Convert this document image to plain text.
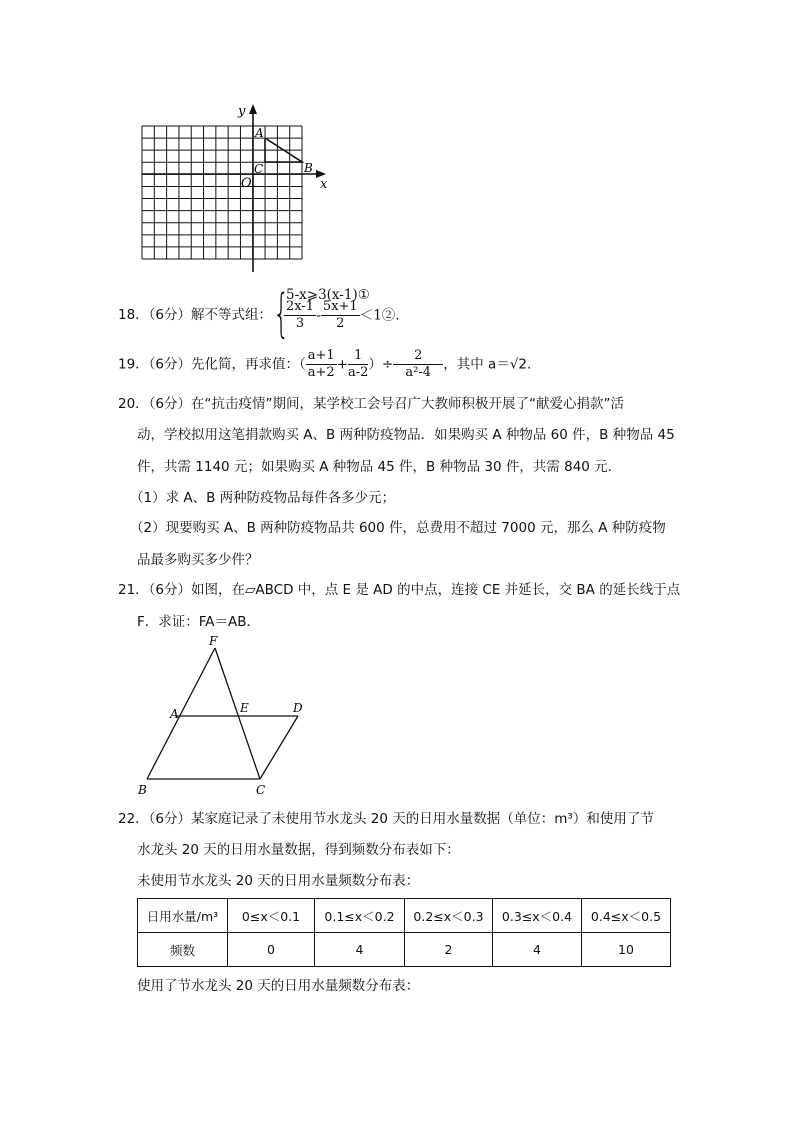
y
x
O
A
B
C
18．（6分）解不等式组： {
5-x⩾3(x-1)①
$\frac{2x-1}{3} - \frac{5x+1}{2}$ ＜1②.
19．（6分）先化简，再求值：（ $\frac{a+1}{a+2} + \frac{1}{a-2}$ ）÷ $\frac{2}{\text{a²-4}}$ ，其中 a＝√2.
20．（6分）在“抗击疫情”期间，某学校工会号召广大教师积极开展了“献爱心捐款”活
动，学校拟用这笔捐款购买 A、B 两种防疫物品．如果购买 A 种物品 60 件，B 种物品 45
件，共需 1140 元；如果购买 A 种物品 45 件，B 种物品 30 件，共需 840 元．
（1）求 A、B 两种防疫物品每件各多少元；
（2）现要购买 A、B 两种防疫物品共 600 件，总费用不超过 7000 元，那么 A 种防疫物
品最多购买多少件？
21．（6分）如图，在▱ABCD 中，点 E 是 AD 的中点，连接 CE 并延长，交 BA 的延长线于点
F．求证：FA＝AB．
F
A	E	D
B	C
22．（6分）某家庭记录了未使用节水龙头 20 天的日用水量数据（单位：m³）和使用了节
水龙头 20 天的日用水量数据，得到频数分布表如下：
未使用节水龙头 20 天的日用水量频数分布表：
日用水量/m³	0≤x＜0.1	0.1≤x＜0.2	0.2≤x＜0.3	0.3≤x＜0.4	0.4≤x＜0.5
频数	0	4	2	4	10
使用了节水龙头 20 天的日用水量频数分布表：
